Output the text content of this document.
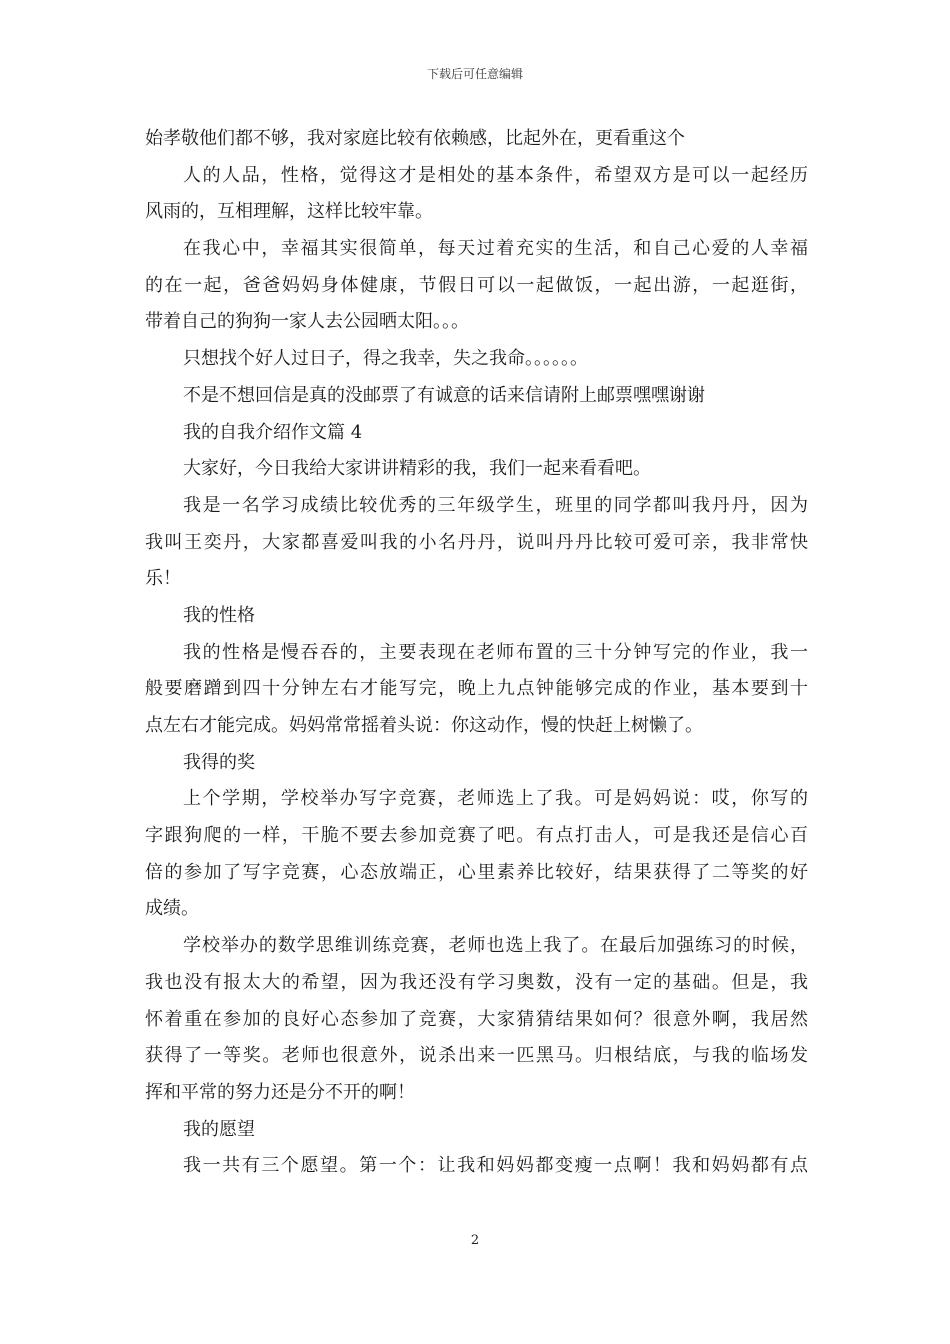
下载后可任意编辑
始孝敬他们都不够，我对家庭比较有依赖感，比起外在，更看重这个
人的人品，性格，觉得这才是相处的基本条件，希望双方是可以一起经历
风雨的，互相理解，这样比较牢靠。
在我心中，幸福其实很简单，每天过着充实的生活，和自己心爱的人幸福
的在一起，爸爸妈妈身体健康，节假日可以一起做饭，一起出游，一起逛街，
带着自己的狗狗一家人去公园晒太阳。。。
只想找个好人过日子，得之我幸，失之我命。。。。。。
不是不想回信是真的没邮票了有诚意的话来信请附上邮票嘿嘿谢谢
我的自我介绍作文篇 4
大家好，今日我给大家讲讲精彩的我，我们一起来看看吧。
我是一名学习成绩比较优秀的三年级学生，班里的同学都叫我丹丹，因为
我叫王奕丹，大家都喜爱叫我的小名丹丹，说叫丹丹比较可爱可亲，我非常快
乐！
我的性格
我的性格是慢吞吞的，主要表现在老师布置的三十分钟写完的作业，我一
般要磨蹭到四十分钟左右才能写完，晚上九点钟能够完成的作业，基本要到十
点左右才能完成。妈妈常常摇着头说：你这动作，慢的快赶上树懒了。
我得的奖
上个学期，学校举办写字竞赛，老师选上了我。可是妈妈说：哎，你写的
字跟狗爬的一样，干脆不要去参加竞赛了吧。有点打击人，可是我还是信心百
倍的参加了写字竞赛，心态放端正，心里素养比较好，结果获得了二等奖的好
成绩。
学校举办的数学思维训练竞赛，老师也选上我了。在最后加强练习的时候，
我也没有报太大的希望，因为我还没有学习奥数，没有一定的基础。但是，我
怀着重在参加的良好心态参加了竞赛，大家猜猜结果如何？很意外啊，我居然
获得了一等奖。老师也很意外，说杀出来一匹黑马。归根结底，与我的临场发
挥和平常的努力还是分不开的啊！
我的愿望
我一共有三个愿望。第一个：让我和妈妈都变瘦一点啊！我和妈妈都有点
2
